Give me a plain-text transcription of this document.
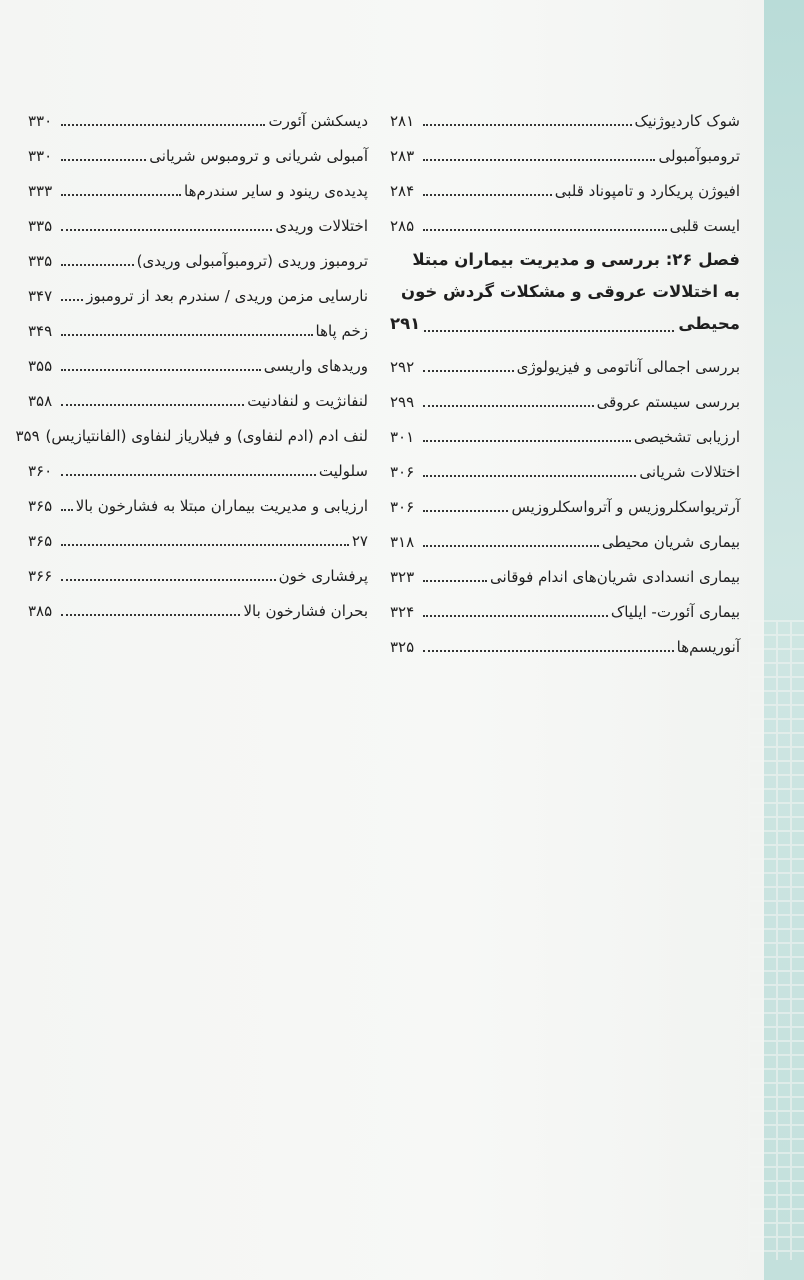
شوک کاردیوژنیک
۲۸۱
ترومبوآمبولی
۲۸۳
افیوژن پریکارد و تامپوناد قلبی
۲۸۴
ایست قلبی
۲۸۵
فصل ۲۶: بررسی و مدیریت بیماران مبتلا
به اختلالات عروقی و مشکلات گردش خون
محیطی
۲۹۱
بررسی اجمالی آناتومی و فیزیولوژی
۲۹۲
بررسی سیستم عروقی
۲۹۹
ارزیابی تشخیصی
۳۰۱
اختلالات شریانی
۳۰۶
آرتریواسکلروزیس و آترواسکلروزیس
۳۰۶
بیماری شریان محیطی
۳۱۸
بیماری انسدادی شریان‌های اندام فوقانی
۳۲۳
بیماری آئورت- ایلیاک
۳۲۴
آنوریسم‌ها
۳۲۵
دیسکشن آئورت
۳۳۰
آمبولی شریانی و ترومبوس شریانی
۳۳۰
پدیده‌ی رینود و سایر سندرم‌ها
۳۳۳
اختلالات وریدی
۳۳۵
ترومبوز وریدی (ترومبوآمبولی وریدی)
۳۳۵
نارسایی مزمن وریدی / سندرم بعد از ترومبوز
۳۴۷
زخم پاها
۳۴۹
وریدهای واریسی
۳۵۵
لنفانژیت و لنفادنیت
۳۵۸
لنف ادم (ادم لنفاوی) و فیلاریاز لنفاوی (الفانتیازیس)
۳۵۹
سلولیت
۳۶۰
ارزیابی و مدیریت بیماران مبتلا به فشارخون بالا
۳۶۵
۲۷
۳۶۵
پرفشاری خون
۳۶۶
بحران فشارخون بالا
۳۸۵
